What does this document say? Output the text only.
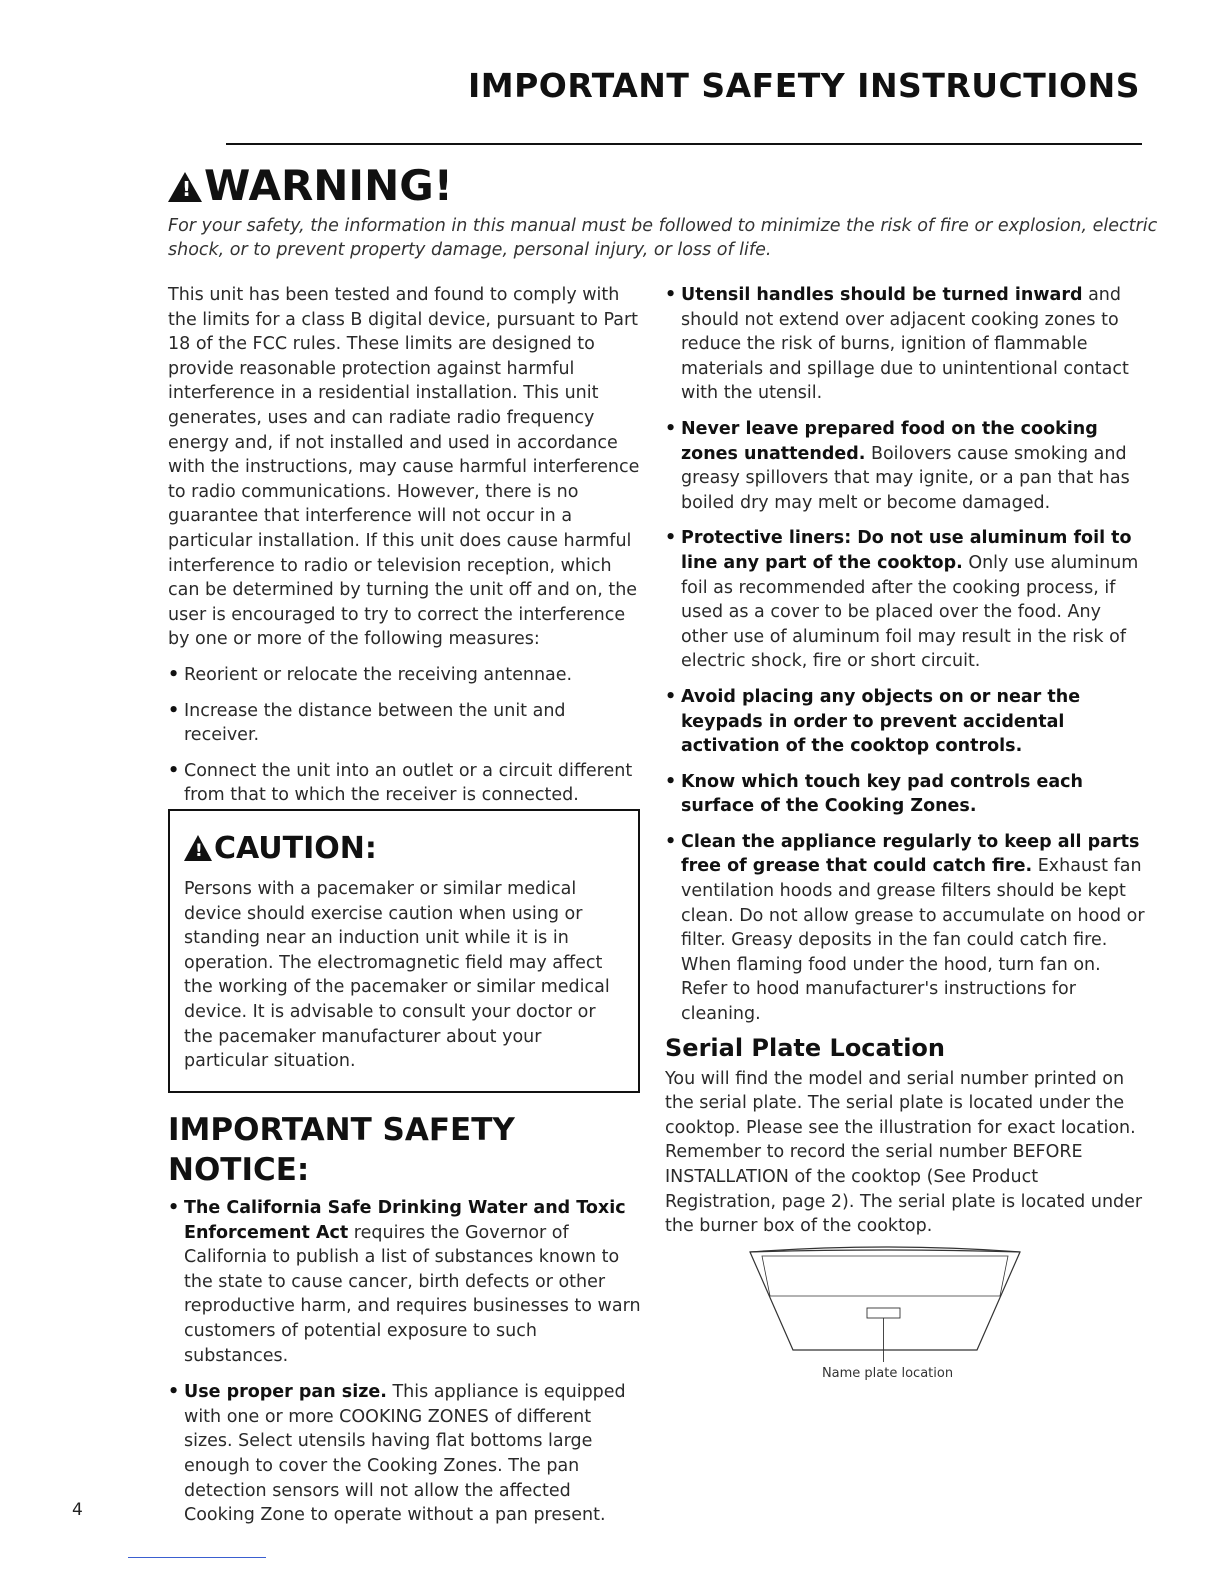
IMPORTANT SAFETY INSTRUCTIONS
! WARNING!
For your safety, the information in this manual must be followed to minimize the risk of fire or explosion, electric shock, or to prevent property damage, personal injury, or loss of life.

This unit has been tested and found to comply with the limits for a class B digital device, pursuant to Part 18 of the FCC rules. These limits are designed to provide reasonable protection against harmful interference in a residential installation. This unit generates, uses and can radiate radio frequency energy and, if not installed and used in accordance with the instructions, may cause harmful interference to radio communications. However, there is no guarantee that interference will not occur in a particular installation. If this unit does cause harmful interference to radio or television reception, which can be determined by turning the unit off and on, the user is encouraged to try to correct the interference by one or more of the following measures:

• Reorient or relocate the receiving antennae.
• Increase the distance between the unit and receiver.
• Connect the unit into an outlet or a circuit different from that to which the receiver is connected.
! CAUTION:
Persons with a pacemaker or similar medical device should exercise caution when using or standing near an induction unit while it is in operation. The electromagnetic field may affect the working of the pacemaker or similar medical device. It is advisable to consult your doctor or the pacemaker manufacturer about your particular situation.
IMPORTANT SAFETY NOTICE:
• The California Safe Drinking Water and Toxic Enforcement Act requires the Governor of California to publish a list of substances known to the state to cause cancer, birth defects or other reproductive harm, and requires businesses to warn customers of potential exposure to such substances.
• Use proper pan size. This appliance is equipped with one or more COOKING ZONES of different sizes. Select utensils having flat bottoms large enough to cover the Cooking Zones. The pan detection sensors will not allow the affected Cooking Zone to operate without a pan present.
• Utensil handles should be turned inward and should not extend over adjacent cooking zones to reduce the risk of burns, ignition of flammable materials and spillage due to unintentional contact with the utensil.
• Never leave prepared food on the cooking zones unattended. Boilovers cause smoking and greasy spillovers that may ignite, or a pan that has boiled dry may melt or become damaged.
• Protective liners: Do not use aluminum foil to line any part of the cooktop. Only use aluminum foil as recommended after the cooking process, if used as a cover to be placed over the food. Any other use of aluminum foil may result in the risk of electric shock, fire or short circuit.
• Avoid placing any objects on or near the keypads in order to prevent accidental activation of the cooktop controls.
• Know which touch key pad controls each surface of the Cooking Zones.
• Clean the appliance regularly to keep all parts free of grease that could catch fire. Exhaust fan ventilation hoods and grease filters should be kept clean. Do not allow grease to accumulate on hood or filter. Greasy deposits in the fan could catch fire. When flaming food under the hood, turn fan on. Refer to hood manufacturer's instructions for cleaning.
Serial Plate Location

You will find the model and serial number printed on the serial plate. The serial plate is located under the cooktop. Please see the illustration for exact location. Remember to record the serial number BEFORE INSTALLATION of the cooktop (See Product Registration, page 2). The serial plate is located under the burner box of the cooktop.

Name plate location
4
